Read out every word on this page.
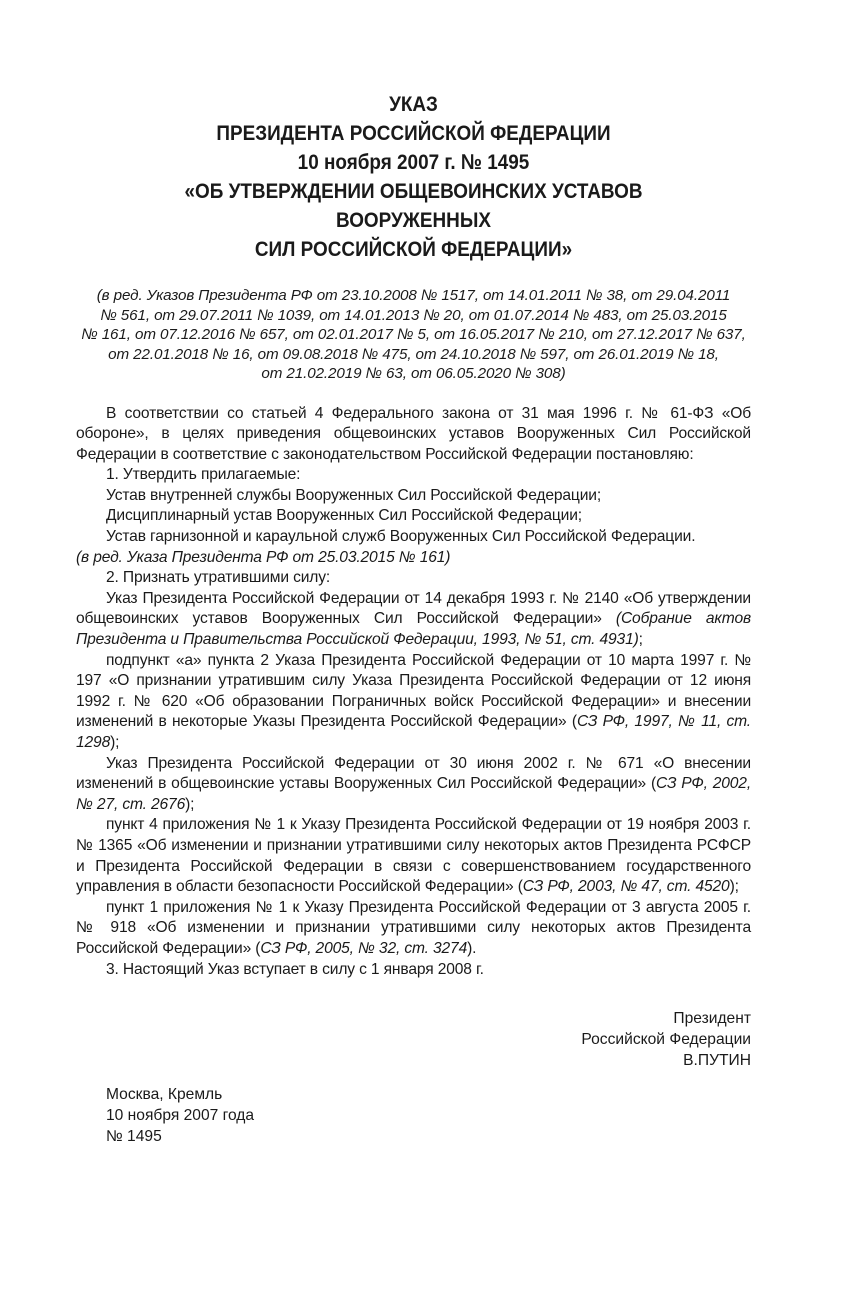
УКАЗ

ПРЕЗИДЕНТА РОССИЙСКОЙ ФЕДЕРАЦИИ

10 ноября 2007 г. № 1495

«ОБ УТВЕРЖДЕНИИ ОБЩЕВОИНСКИХ УСТАВОВ ВООРУЖЕННЫХ

СИЛ РОССИЙСКОЙ ФЕДЕРАЦИИ»

(в ред. Указов Президента РФ от 23.10.2008 № 1517, от 14.01.2011 № 38, от 29.04.2011
№ 561, от 29.07.2011 № 1039, от 14.01.2013 № 20, от 01.07.2014 № 483, от 25.03.2015
№ 161, от 07.12.2016 № 657, от 02.01.2017 № 5, от 16.05.2017 № 210, от 27.12.2017 № 637,
от 22.01.2018 № 16, от 09.08.2018 № 475, от 24.10.2018 № 597, от 26.01.2019 № 18,
от 21.02.2019 № 63, от 06.05.2020 № 308)

В соответствии со статьей 4 Федерального закона от 31 мая 1996 г. № 61-ФЗ «Об обороне», в целях приведения общевоинских уставов Вооруженных Сил Российской Федерации в соответствие с законодательством Российской Федерации постановляю:

1. Утвердить прилагаемые:

Устав внутренней службы Вооруженных Сил Российской Федерации;

Дисциплинарный устав Вооруженных Сил Российской Федерации;

Устав гарнизонной и караульной служб Вооруженных Сил Российской Федерации.

(в ред. Указа Президента РФ от 25.03.2015 № 161)

2. Признать утратившими силу:

Указ Президента Российской Федерации от 14 декабря 1993 г. № 2140 «Об утверждении общевоинских уставов Вооруженных Сил Российской Федерации» (Собрание актов Президента и Правительства Российской Федерации, 1993, № 51, ст. 4931);

подпункт «а» пункта 2 Указа Президента Российской Федерации от 10 марта 1997 г. № 197 «О признании утратившим силу Указа Президента Российской Федерации от 12 июня 1992 г. № 620 «Об образовании Пограничных войск Российской Федерации» и внесении изменений в некоторые Указы Президента Российской Федерации» (СЗ РФ, 1997, № 11, ст. 1298);

Указ Президента Российской Федерации от 30 июня 2002 г. № 671 «О внесении изменений в общевоинские уставы Вооруженных Сил Российской Федерации» (СЗ РФ, 2002, № 27, ст. 2676);

пункт 4 приложения № 1 к Указу Президента Российской Федерации от 19 ноября 2003 г. № 1365 «Об изменении и признании утратившими силу некоторых актов Президента РСФСР и Президента Российской Федерации в связи с совершенствованием государственного управления в области безопасности Российской Федерации» (СЗ РФ, 2003, № 47, ст. 4520);

пункт 1 приложения № 1 к Указу Президента Российской Федерации от 3 августа 2005 г. № 918 «Об изменении и признании утратившими силу некоторых актов Президента Российской Федерации» (СЗ РФ, 2005, № 32, ст. 3274).

3. Настоящий Указ вступает в силу с 1 января 2008 г.

Президент
Российской Федерации
В.ПУТИН
Москва, Кремль
10 ноября 2007 года
№ 1495
